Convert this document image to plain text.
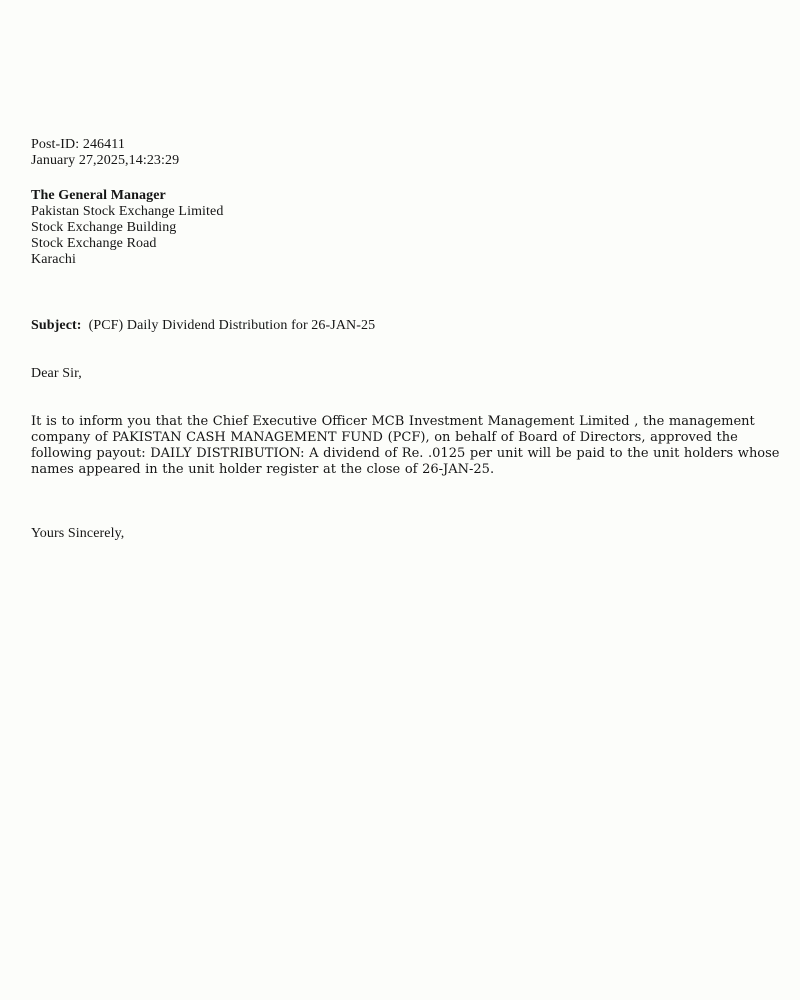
Post-ID: 246411
January 27,2025,14:23:29
The General Manager
Pakistan Stock Exchange Limited
Stock Exchange Building
Stock Exchange Road
Karachi
Subject: (PCF) Daily Dividend Distribution for 26-JAN-25
Dear Sir,
It is to inform you that the Chief Executive Officer MCB Investment Management Limited , the management company of PAKISTAN CASH MANAGEMENT FUND (PCF), on behalf of Board of Directors, approved the following payout: DAILY DISTRIBUTION: A dividend of Re. .0125 per unit will be paid to the unit holders whose names appeared in the unit holder register at the close of 26-JAN-25.
Yours Sincerely,
